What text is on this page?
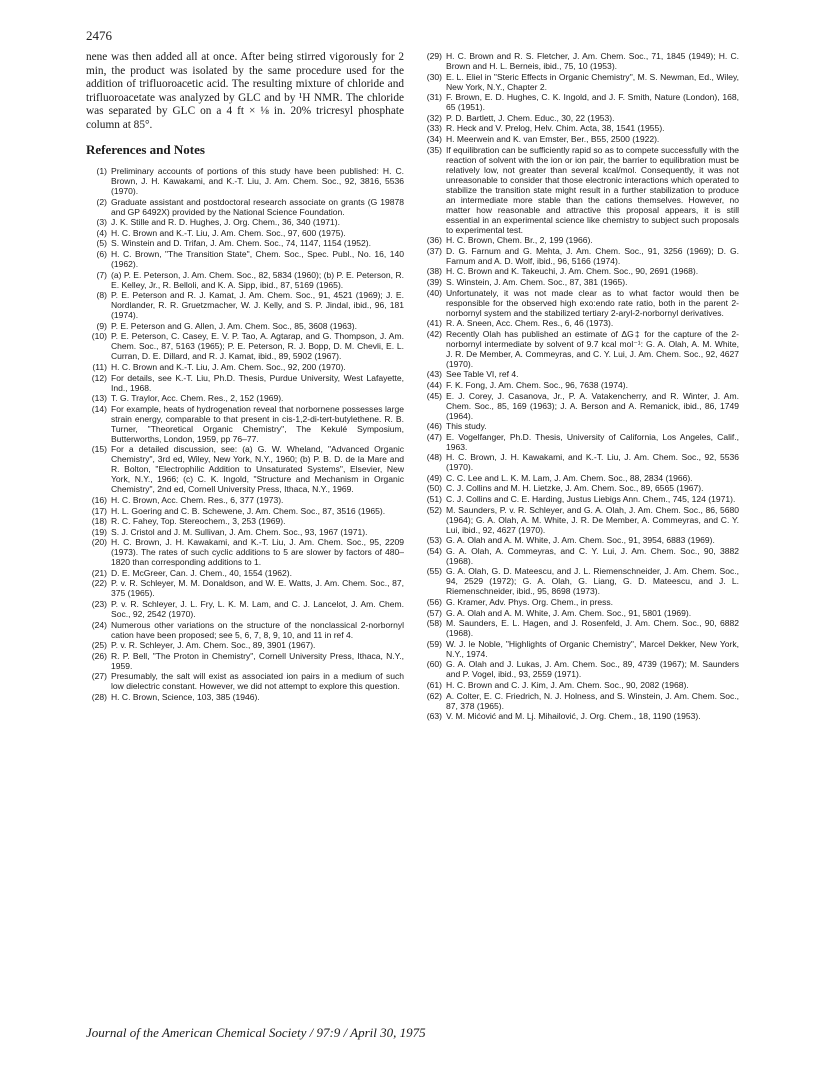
2476

nene was then added all at once. After being stirred vigorously for 2 min, the product was isolated by the same procedure used for the addition of trifluoroacetic acid. The resulting mixture of chloride and trifluoroacetate was analyzed by GLC and by ¹H NMR. The chloride was separated by GLC on a 4 ft × ⅛ in. 20% tricresyl phosphate column at 85°.

References and Notes
(1) Preliminary accounts of portions of this study have been published: H. C. Brown, J. H. Kawakami, and K.-T. Liu, J. Am. Chem. Soc., 92, 3816, 5536 (1970).
(2) Graduate assistant and postdoctoral research associate on grants (G 19878 and GP 6492X) provided by the National Science Foundation.
(3) J. K. Stille and R. D. Hughes, J. Org. Chem., 36, 340 (1971).
(4) H. C. Brown and K.-T. Liu, J. Am. Chem. Soc., 97, 600 (1975).
(5) S. Winstein and D. Trifan, J. Am. Chem. Soc., 74, 1147, 1154 (1952).
(6) H. C. Brown, "The Transition State", Chem. Soc., Spec. Publ., No. 16, 140 (1962).
(7) (a) P. E. Peterson, J. Am. Chem. Soc., 82, 5834 (1960); (b) P. E. Peterson, R. E. Kelley, Jr., R. Belloli, and K. A. Sipp, ibid., 87, 5169 (1965).
(8) P. E. Peterson and R. J. Kamat, J. Am. Chem. Soc., 91, 4521 (1969); J. E. Nordlander, R. R. Gruetzmacher, W. J. Kelly, and S. P. Jindal, ibid., 96, 181 (1974).
(9) P. E. Peterson and G. Allen, J. Am. Chem. Soc., 85, 3608 (1963).
(10) P. E. Peterson, C. Casey, E. V. P. Tao, A. Agtarap, and G. Thompson, J. Am. Chem. Soc., 87, 5163 (1965); P. E. Peterson, R. J. Bopp, D. M. Chevli, E. L. Curran, D. E. Dillard, and R. J. Kamat, ibid., 89, 5902 (1967).
(11) H. C. Brown and K.-T. Liu, J. Am. Chem. Soc., 92, 200 (1970).
(12) For details, see K.-T. Liu, Ph.D. Thesis, Purdue University, West Lafayette, Ind., 1968.
(13) T. G. Traylor, Acc. Chem. Res., 2, 152 (1969).
(14) For example, heats of hydrogenation reveal that norbornene possesses large strain energy, comparable to that present in cis-1,2-di-tert-butylethene. R. B. Turner, "Theoretical Organic Chemistry", The Kekulé Symposium, Butterworths, London, 1959, pp 76–77.
(15) For a detailed discussion, see: (a) G. W. Wheland, "Advanced Organic Chemistry", 3rd ed, Wiley, New York, N.Y., 1960; (b) P. B. D. de la Mare and R. Bolton, "Electrophilic Addition to Unsaturated Systems", Elsevier, New York, N.Y., 1966; (c) C. K. Ingold, "Structure and Mechanism in Organic Chemistry", 2nd ed, Cornell University Press, Ithaca, N.Y., 1969.
(16) H. C. Brown, Acc. Chem. Res., 6, 377 (1973).
(17) H. L. Goering and C. B. Schewene, J. Am. Chem. Soc., 87, 3516 (1965).
(18) R. C. Fahey, Top. Stereochem., 3, 253 (1969).
(19) S. J. Cristol and J. M. Sullivan, J. Am. Chem. Soc., 93, 1967 (1971).
(20) H. C. Brown, J. H. Kawakami, and K.-T. Liu, J. Am. Chem. Soc., 95, 2209 (1973). The rates of such cyclic additions to 5 are slower by factors of 480–1820 than corresponding additions to 1.
(21) D. E. McGreer, Can. J. Chem., 40, 1554 (1962).
(22) P. v. R. Schleyer, M. M. Donaldson, and W. E. Watts, J. Am. Chem. Soc., 87, 375 (1965).
(23) P. v. R. Schleyer, J. L. Fry, L. K. M. Lam, and C. J. Lancelot, J. Am. Chem. Soc., 92, 2542 (1970).
(24) Numerous other variations on the structure of the nonclassical 2-norbornyl cation have been proposed; see 5, 6, 7, 8, 9, 10, and 11 in ref 4.
(25) P. v. R. Schleyer, J. Am. Chem. Soc., 89, 3901 (1967).
(26) R. P. Bell, "The Proton in Chemistry", Cornell University Press, Ithaca, N.Y., 1959.
(27) Presumably, the salt will exist as associated ion pairs in a medium of such low dielectric constant. However, we did not attempt to explore this question.
(28) H. C. Brown, Science, 103, 385 (1946).
(29) H. C. Brown and R. S. Fletcher, J. Am. Chem. Soc., 71, 1845 (1949); H. C. Brown and H. L. Berneis, ibid., 75, 10 (1953).
(30) E. L. Eliel in "Steric Effects in Organic Chemistry", M. S. Newman, Ed., Wiley, New York, N.Y., Chapter 2.
(31) F. Brown, E. D. Hughes, C. K. Ingold, and J. F. Smith, Nature (London), 168, 65 (1951).
(32) P. D. Bartlett, J. Chem. Educ., 30, 22 (1953).
(33) R. Heck and V. Prelog, Helv. Chim. Acta, 38, 1541 (1955).
(34) H. Meerwein and K. van Emster, Ber., B55, 2500 (1922).
(35) If equilibration can be sufficiently rapid so as to compete successfully with the reaction of solvent with the ion or ion pair, the barrier to equilibration must be relatively low, not greater than several kcal/mol. Consequently, it was not unreasonable to consider that those electronic interactions which operated to stabilize the transition state might result in a further stabilization to produce an intermediate more stable than the cations themselves. However, no matter how reasonable and attractive this proposal appears, it is still essential in an experimental science like chemistry to subject such proposals to experimental test.
(36) H. C. Brown, Chem. Br., 2, 199 (1966).
(37) D. G. Farnum and G. Mehta, J. Am. Chem. Soc., 91, 3256 (1969); D. G. Farnum and A. D. Wolf, ibid., 96, 5166 (1974).
(38) H. C. Brown and K. Takeuchi, J. Am. Chem. Soc., 90, 2691 (1968).
(39) S. Winstein, J. Am. Chem. Soc., 87, 381 (1965).
(40) Unfortunately, it was not made clear as to what factor would then be responsible for the observed high exo:endo rate ratio, both in the parent 2-norbornyl system and the stabilized tertiary 2-aryl-2-norbornyl derivatives.
(41) R. A. Sneen, Acc. Chem. Res., 6, 46 (1973).
(42) Recently Olah has published an estimate of ΔG‡ for the capture of the 2-norbornyl intermediate by solvent of 9.7 kcal mol⁻¹: G. A. Olah, A. M. White, J. R. De Member, A. Commeyras, and C. Y. Lui, J. Am. Chem. Soc., 92, 4627 (1970).
(43) See Table VI, ref 4.
(44) F. K. Fong, J. Am. Chem. Soc., 96, 7638 (1974).
(45) E. J. Corey, J. Casanova, Jr., P. A. Vatakencherry, and R. Winter, J. Am. Chem. Soc., 85, 169 (1963); J. A. Berson and A. Remanick, ibid., 86, 1749 (1964).
(46) This study.
(47) E. Vogelfanger, Ph.D. Thesis, University of California, Los Angeles, Calif., 1963.
(48) H. C. Brown, J. H. Kawakami, and K.-T. Liu, J. Am. Chem. Soc., 92, 5536 (1970).
(49) C. C. Lee and L. K. M. Lam, J. Am. Chem. Soc., 88, 2834 (1966).
(50) C. J. Collins and M. H. Lietzke, J. Am. Chem. Soc., 89, 6565 (1967).
(51) C. J. Collins and C. E. Harding, Justus Liebigs Ann. Chem., 745, 124 (1971).
(52) M. Saunders, P. v. R. Schleyer, and G. A. Olah, J. Am. Chem. Soc., 86, 5680 (1964); G. A. Olah, A. M. White, J. R. De Member, A. Commeyras, and C. Y. Lui, ibid., 92, 4627 (1970).
(53) G. A. Olah and A. M. White, J. Am. Chem. Soc., 91, 3954, 6883 (1969).
(54) G. A. Olah, A. Commeyras, and C. Y. Lui, J. Am. Chem. Soc., 90, 3882 (1968).
(55) G. A. Olah, G. D. Mateescu, and J. L. Riemenschneider, J. Am. Chem. Soc., 94, 2529 (1972); G. A. Olah, G. Liang, G. D. Mateescu, and J. L. Riemenschneider, ibid., 95, 8698 (1973).
(56) G. Kramer, Adv. Phys. Org. Chem., in press.
(57) G. A. Olah and A. M. White, J. Am. Chem. Soc., 91, 5801 (1969).
(58) M. Saunders, E. L. Hagen, and J. Rosenfeld, J. Am. Chem. Soc., 90, 6882 (1968).
(59) W. J. le Noble, "Highlights of Organic Chemistry", Marcel Dekker, New York, N.Y., 1974.
(60) G. A. Olah and J. Lukas, J. Am. Chem. Soc., 89, 4739 (1967); M. Saunders and P. Vogel, ibid., 93, 2559 (1971).
(61) H. C. Brown and C. J. Kim, J. Am. Chem. Soc., 90, 2082 (1968).
(62) A. Colter, E. C. Friedrich, N. J. Holness, and S. Winstein, J. Am. Chem. Soc., 87, 378 (1965).
(63) V. M. Mićović and M. Lj. Mihailović, J. Org. Chem., 18, 1190 (1953).
Journal of the American Chemical Society / 97:9 / April 30, 1975
